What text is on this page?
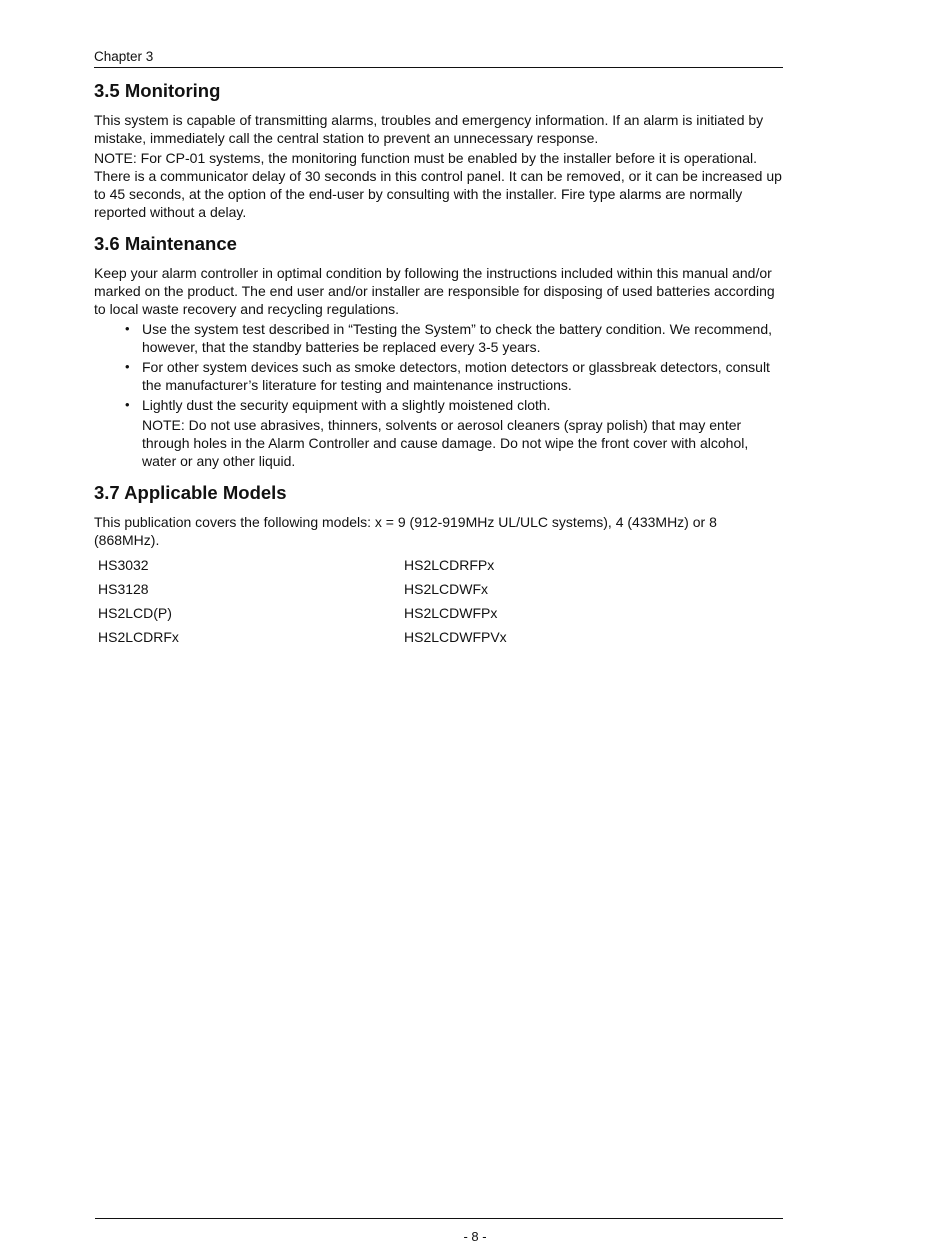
Chapter 3
3.5 Monitoring

This system is capable of transmitting alarms, troubles and emergency information. If an alarm is initiated by mistake, immediately call the central station to prevent an unnecessary response.

NOTE: For CP-01 systems, the monitoring function must be enabled by the installer before it is operational. There is a communicator delay of 30 seconds in this control panel. It can be removed, or it can be increased up to 45 seconds, at the option of the end-user by consulting with the installer. Fire type alarms are normally reported without a delay.

3.6 Maintenance

Keep your alarm controller in optimal condition by following the instructions included within this manual and/or marked on the product. The end user and/or installer are responsible for disposing of used batteries according to local waste recovery and recycling regulations.

• Use the system test described in “Testing the System” to check the battery condition. We recommend, however, that the standby batteries be replaced every 3-5 years.
• For other system devices such as smoke detectors, motion detectors or glassbreak detectors, consult the manufacturer’s literature for testing and maintenance instructions.
• Lightly dust the security equipment with a slightly moistened cloth.

NOTE: Do not use abrasives, thinners, solvents or aerosol cleaners (spray polish) that may enter through holes in the Alarm Controller and cause damage. Do not wipe the front cover with alcohol, water or any other liquid.

3.7 Applicable Models

This publication covers the following models: x = 9 (912-919MHz UL/ULC systems), 4 (433MHz) or 8 (868MHz).

HS3032	HS2LCDRFPx
HS3128	HS2LCDWFx
HS2LCD(P)	HS2LCDWFPx
HS2LCDRFx	HS2LCDWFPVx
- 8 -
